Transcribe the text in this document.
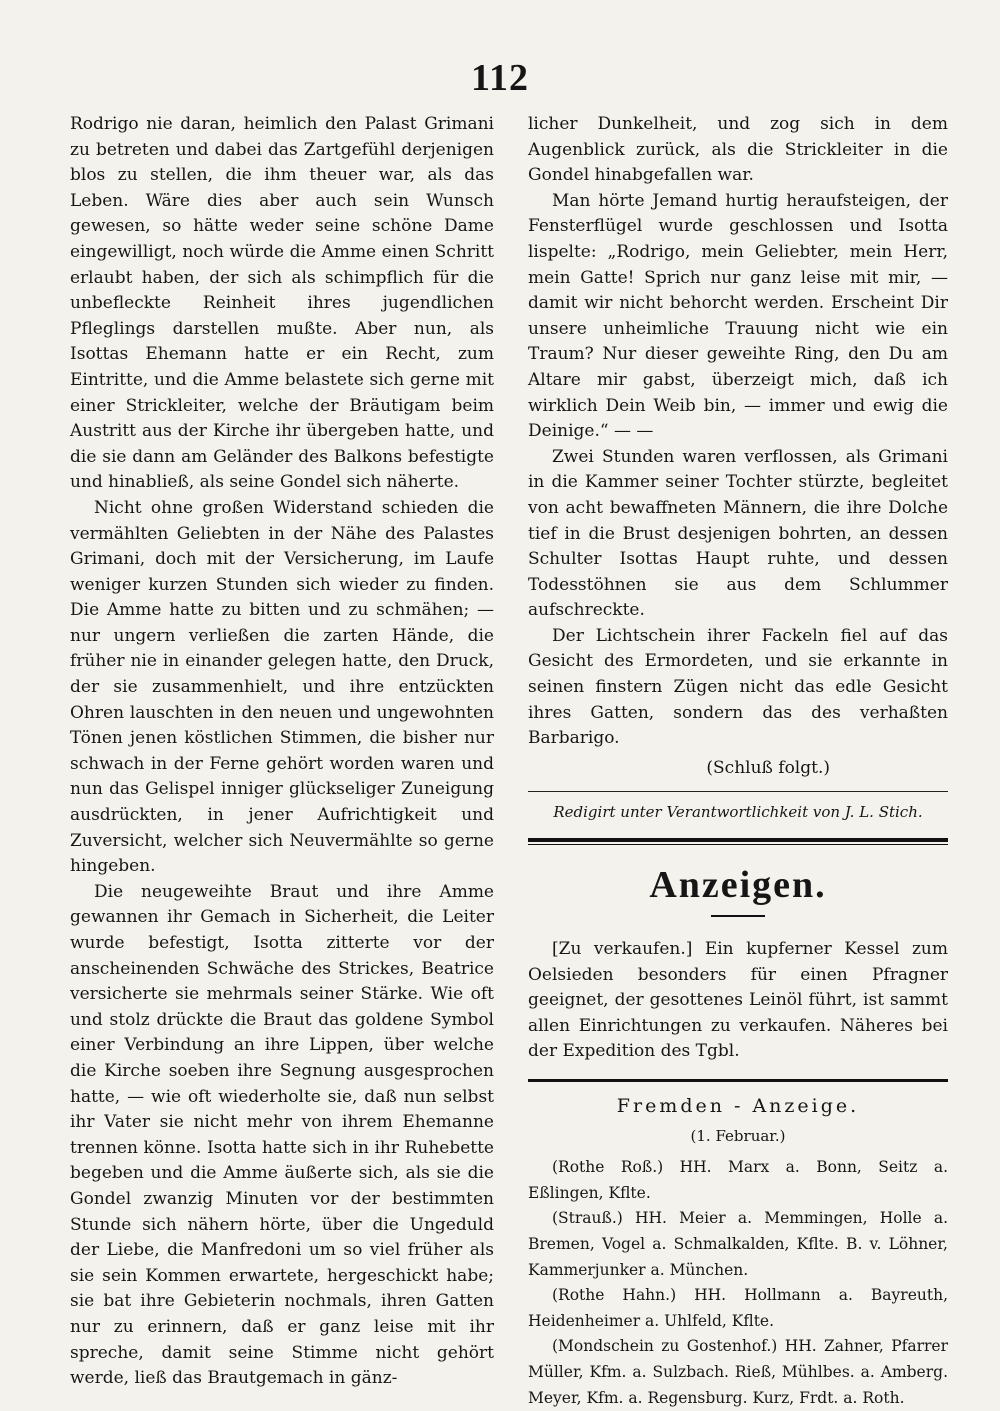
112

Rodrigo nie daran, heimlich den Palast Grimani zu betreten und dabei das Zartgefühl derjenigen blos zu stellen, die ihm theuer war, als das Leben. Wäre dies aber auch sein Wunsch gewesen, so hätte weder seine schöne Dame eingewilligt, noch würde die Amme einen Schritt erlaubt haben, der sich als schimpflich für die unbefleckte Reinheit ihres jugendlichen Pfleglings darstellen mußte. Aber nun, als Isottas Ehemann hatte er ein Recht, zum Eintritte, und die Amme belastete sich gerne mit einer Strickleiter, welche der Bräutigam beim Austritt aus der Kirche ihr übergeben hatte, und die sie dann am Geländer des Balkons befestigte und hinabließ, als seine Gondel sich näherte.

Nicht ohne großen Widerstand schieden die vermählten Geliebten in der Nähe des Palastes Grimani, doch mit der Versicherung, im Laufe weniger kurzen Stunden sich wieder zu finden. Die Amme hatte zu bitten und zu schmähen; — nur ungern verließen die zarten Hände, die früher nie in einander gelegen hatte, den Druck, der sie zusammenhielt, und ihre entzückten Ohren lauschten in den neuen und ungewohnten Tönen jenen köstlichen Stimmen, die bisher nur schwach in der Ferne gehört worden waren und nun das Gelispel inniger glückseliger Zuneigung ausdrückten, in jener Aufrichtigkeit und Zuversicht, welcher sich Neuvermählte so gerne hingeben.

Die neugeweihte Braut und ihre Amme gewannen ihr Gemach in Sicherheit, die Leiter wurde befestigt, Isotta zitterte vor der anscheinenden Schwäche des Strickes, Beatrice versicherte sie mehrmals seiner Stärke. Wie oft und stolz drückte die Braut das goldene Symbol einer Verbindung an ihre Lippen, über welche die Kirche soeben ihre Segnung ausgesprochen hatte, — wie oft wiederholte sie, daß nun selbst ihr Vater sie nicht mehr von ihrem Ehemanne trennen könne. Isotta hatte sich in ihr Ruhebette begeben und die Amme äußerte sich, als sie die Gondel zwanzig Minuten vor der bestimmten Stunde sich nähern hörte, über die Ungeduld der Liebe, die Manfredoni um so viel früher als sie sein Kommen erwartete, hergeschickt habe; sie bat ihre Gebieterin nochmals, ihren Gatten nur zu erinnern, daß er ganz leise mit ihr spreche, damit seine Stimme nicht gehört werde, ließ das Brautgemach in gänz-

licher Dunkelheit, und zog sich in dem Augenblick zurück, als die Strickleiter in die Gondel hinabgefallen war.

Man hörte Jemand hurtig heraufsteigen, der Fensterflügel wurde geschlossen und Isotta lispelte: „Rodrigo, mein Geliebter, mein Herr, mein Gatte! Sprich nur ganz leise mit mir, — damit wir nicht behorcht werden. Erscheint Dir unsere unheimliche Trauung nicht wie ein Traum? Nur dieser geweihte Ring, den Du am Altare mir gabst, überzeigt mich, daß ich wirklich Dein Weib bin, — immer und ewig die Deinige.“ — —

Zwei Stunden waren verflossen, als Grimani in die Kammer seiner Tochter stürzte, begleitet von acht bewaffneten Männern, die ihre Dolche tief in die Brust desjenigen bohrten, an dessen Schulter Isottas Haupt ruhte, und dessen Todesstöhnen sie aus dem Schlummer aufschreckte.

Der Lichtschein ihrer Fackeln fiel auf das Gesicht des Ermordeten, und sie erkannte in seinen finstern Zügen nicht das edle Gesicht ihres Gatten, sondern das des verhaßten Barbarigo.

(Schluß folgt.)

Redigirt unter Verantwortlichkeit von J. L. Stich.

Anzeigen.

[Zu verkaufen.] Ein kupferner Kessel zum Oelsieden besonders für einen Pfragner geeignet, der gesottenes Leinöl führt, ist sammt allen Einrichtungen zu verkaufen. Näheres bei der Expedition des Tgbl.

Fremden - Anzeige.

(1. Februar.)

(Rothe Roß.) HH. Marx a. Bonn, Seitz a. Eßlingen, Kflte.

(Strauß.) HH. Meier a. Memmingen, Holle a. Bremen, Vogel a. Schmalkalden, Kflte. B. v. Löhner, Kammerjunker a. München.

(Rothe Hahn.) HH. Hollmann a. Bayreuth, Heidenheimer a. Uhlfeld, Kflte.

(Mondschein zu Gostenhof.) HH. Zahner, Pfarrer Müller, Kfm. a. Sulzbach. Rieß, Mühlbes. a. Amberg. Meyer, Kfm. a. Regensburg. Kurz, Frdt. a. Roth.
